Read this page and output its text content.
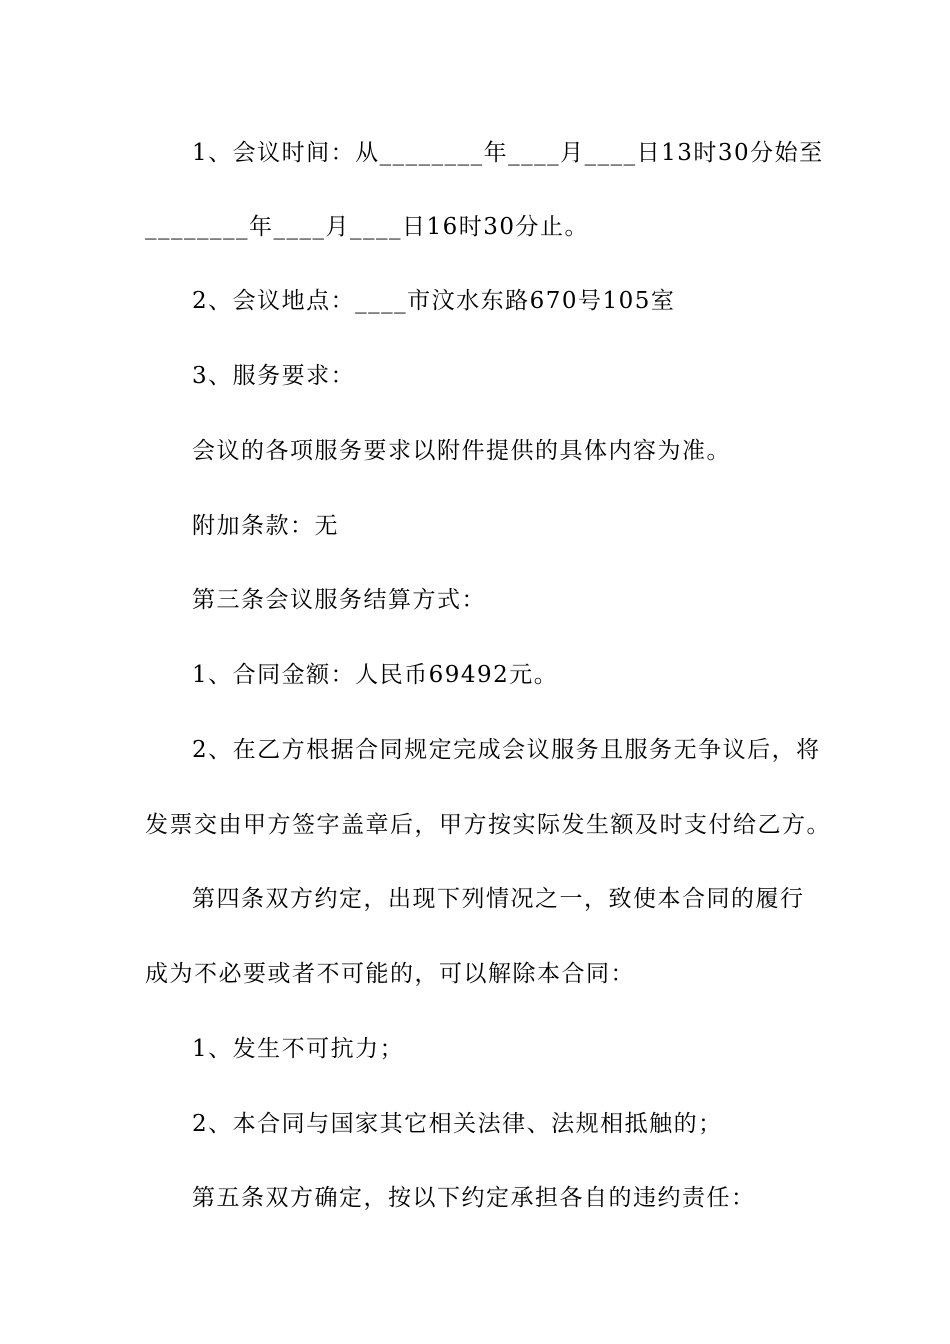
1、会议时间：从________年____月____日13时30分始至
________年____月____日16时30分止。
2、会议地点：____市汶水东路670号105室
3、服务要求：
会议的各项服务要求以附件提供的具体内容为准。
附加条款：无
第三条会议服务结算方式：
1、合同金额：人民币69492元。
2、在乙方根据合同规定完成会议服务且服务无争议后，将
发票交由甲方签字盖章后，甲方按实际发生额及时支付给乙方。
第四条双方约定，出现下列情况之一，致使本合同的履行
成为不必要或者不可能的，可以解除本合同：
1、发生不可抗力；
2、本合同与国家其它相关法律、法规相抵触的；
第五条双方确定，按以下约定承担各自的违约责任：
